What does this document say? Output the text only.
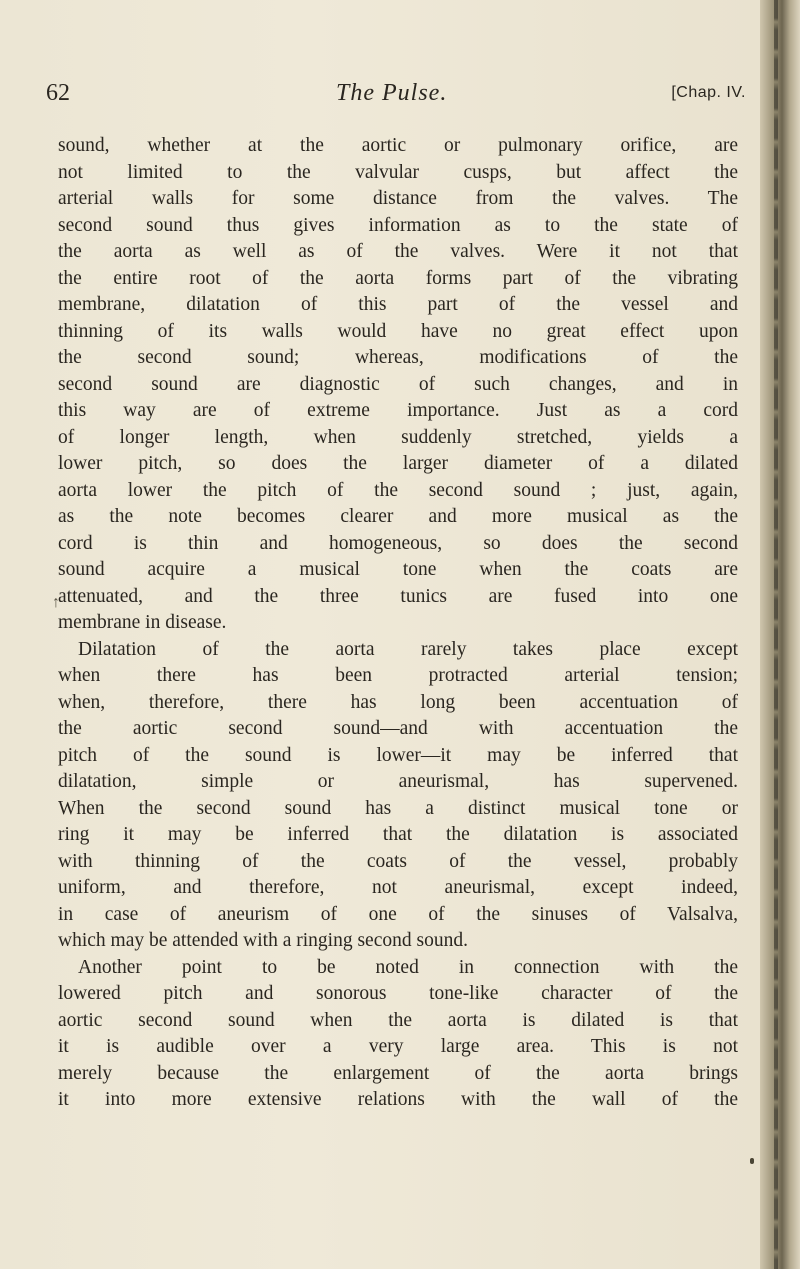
62	The Pulse.	[Chap. IV.
↑
sound, whether at the aortic or pulmonary orifice, are
not limited to the valvular cusps, but affect the
arterial walls for some distance from the valves. The
second sound thus gives information as to the state of
the aorta as well as of the valves. Were it not that
the entire root of the aorta forms part of the vibrating
membrane, dilatation of this part of the vessel and
thinning of its walls would have no great effect upon
the second sound; whereas, modifications of the
second sound are diagnostic of such changes, and in
this way are of extreme importance. Just as a cord
of longer length, when suddenly stretched, yields a
lower pitch, so does the larger diameter of a dilated
aorta lower the pitch of the second sound ; just, again,
as the note becomes clearer and more musical as the
cord is thin and homogeneous, so does the second
sound acquire a musical tone when the coats are
attenuated, and the three tunics are fused into one
membrane in disease.
Dilatation of the aorta rarely takes place except
when there has been protracted arterial tension;
when, therefore, there has long been accentuation of
the aortic second sound—and with accentuation the
pitch of the sound is lower—it may be inferred that
dilatation, simple or aneurismal, has supervened.
When the second sound has a distinct musical tone or
ring it may be inferred that the dilatation is associated
with thinning of the coats of the vessel, probably
uniform, and therefore, not aneurismal, except indeed,
in case of aneurism of one of the sinuses of Valsalva,
which may be attended with a ringing second sound.
Another point to be noted in connection with the
lowered pitch and sonorous tone-like character of the
aortic second sound when the aorta is dilated is that
it is audible over a very large area. This is not
merely because the enlargement of the aorta brings
it into more extensive relations with the wall of the
